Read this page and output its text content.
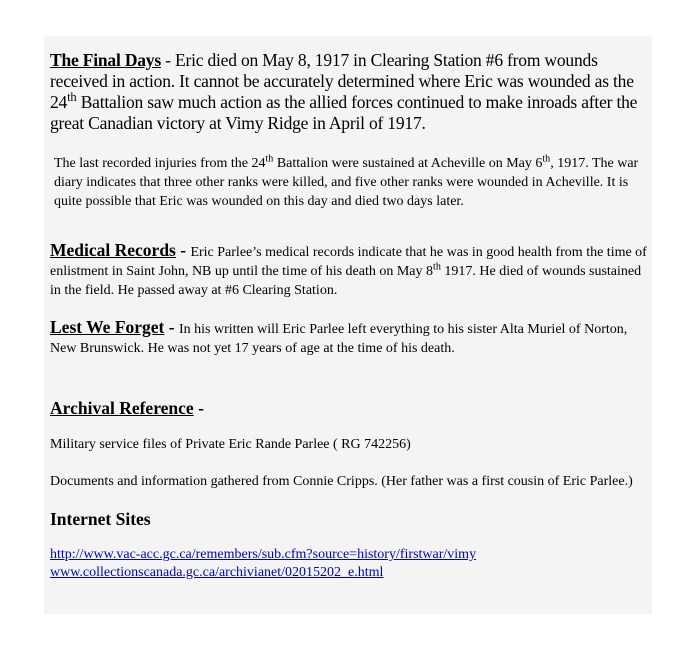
The Final Days - Eric died on May 8, 1917 in Clearing Station #6 from wounds received in action. It cannot be accurately determined where Eric was wounded as the 24th Battalion saw much action as the allied forces continued to make inroads after the great Canadian victory at Vimy Ridge in April of 1917.

The last recorded injuries from the 24th Battalion were sustained at Acheville on May 6th, 1917. The war diary indicates that three other ranks were killed, and five other ranks were wounded in Acheville. It is quite possible that Eric was wounded on this day and died two days later.

Medical Records - Eric Parlee’s medical records indicate that he was in good health from the time of enlistment in Saint John, NB up until the time of his death on May 8th 1917. He died of wounds sustained in the field. He passed away at #6 Clearing Station.

Lest We Forget - In his written will Eric Parlee left everything to his sister Alta Muriel of Norton, New Brunswick. He was not yet 17 years of age at the time of his death.

Archival Reference -

Military service files of Private Eric Rande Parlee ( RG 742256)

Documents and information gathered from Connie Cripps. (Her father was a first cousin of Eric Parlee.)

Internet Sites

http://www.vac-acc.gc.ca/remembers/sub.cfm?source=history/firstwar/vimy
www.collectionscanada.gc.ca/archivianet/02015202_e.html
